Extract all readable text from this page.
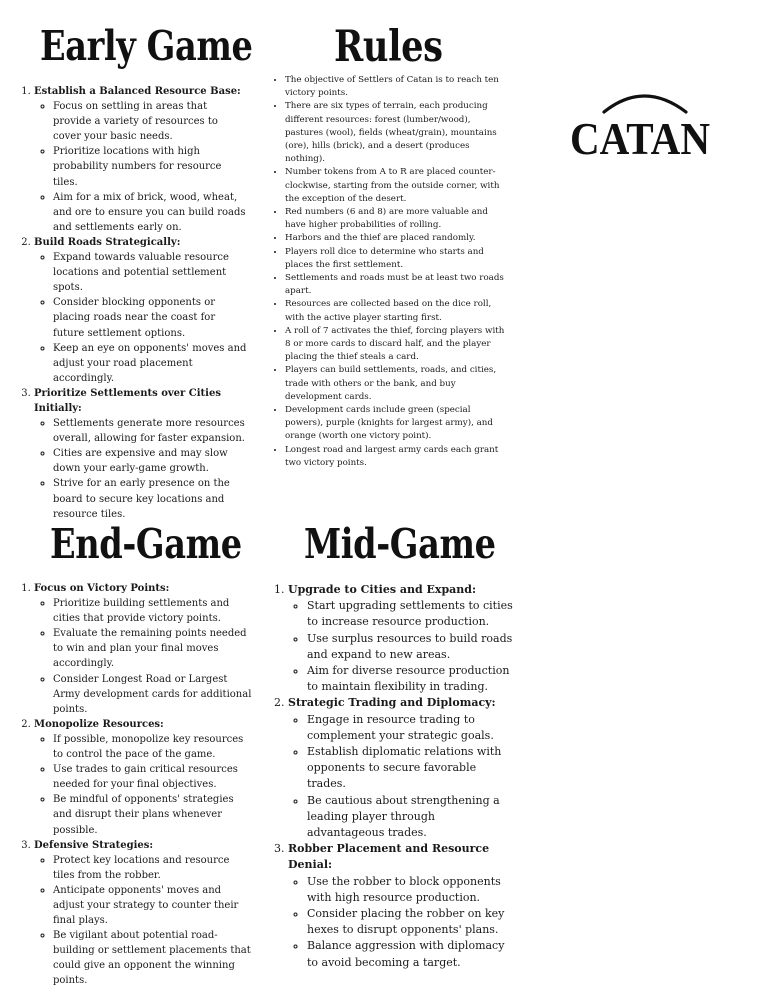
Early Game Rules
End-Game Mid-Game
1. Establish a Balanced Resource Base:
◦ Focus on settling in areas that provide a variety of resources to cover your basic needs.
◦ Prioritize locations with high probability numbers for resource tiles.
◦ Aim for a mix of brick, wood, wheat, and ore to ensure you can build roads and settlements early on.
2. Build Roads Strategically:
◦ Expand towards valuable resource locations and potential settlement spots.
◦ Consider blocking opponents or placing roads near the coast for future settlement options.
◦ Keep an eye on opponents' moves and adjust your road placement accordingly.
3. Prioritize Settlements over Cities Initially:
◦ Settlements generate more resources overall, allowing for faster expansion.
◦ Cities are expensive and may slow down your early-game growth.
◦ Strive for an early presence on the board to secure key locations and resource tiles.
• The objective of Settlers of Catan is to reach ten victory points.
• There are six types of terrain, each producing different resources: forest (lumber/wood), pastures (wool), fields (wheat/grain), mountains (ore), hills (brick), and a desert (produces nothing).
• Number tokens from A to R are placed counter-clockwise, starting from the outside corner, with the exception of the desert.
• Red numbers (6 and 8) are more valuable and have higher probabilities of rolling.
• Harbors and the thief are placed randomly.
• Players roll dice to determine who starts and places the first settlement.
• Settlements and roads must be at least two roads apart.
• Resources are collected based on the dice roll, with the active player starting first.
• A roll of 7 activates the thief, forcing players with 8 or more cards to discard half, and the player placing the thief steals a card.
• Players can build settlements, roads, and cities, trade with others or the bank, and buy development cards.
• Development cards include green (special powers), purple (knights for largest army), and orange (worth one victory point).
• Longest road and largest army cards each grant two victory points.
1. Focus on Victory Points:
◦ Prioritize building settlements and cities that provide victory points.
◦ Evaluate the remaining points needed to win and plan your final moves accordingly.
◦ Consider Longest Road or Largest Army development cards for additional points.
2. Monopolize Resources:
◦ If possible, monopolize key resources to control the pace of the game.
◦ Use trades to gain critical resources needed for your final objectives.
◦ Be mindful of opponents' strategies and disrupt their plans whenever possible.
3. Defensive Strategies:
◦ Protect key locations and resource tiles from the robber.
◦ Anticipate opponents' moves and adjust your strategy to counter their final plays.
◦ Be vigilant about potential road-building or settlement placements that could give an opponent the winning points.
1. Upgrade to Cities and Expand:
◦ Start upgrading settlements to cities to increase resource production.
◦ Use surplus resources to build roads and expand to new areas.
◦ Aim for diverse resource production to maintain flexibility in trading.
2. Strategic Trading and Diplomacy:
◦ Engage in resource trading to complement your strategic goals.
◦ Establish diplomatic relations with opponents to secure favorable trades.
◦ Be cautious about strengthening a leading player through advantageous trades.
3. Robber Placement and Resource Denial:
◦ Use the robber to block opponents with high resource production.
◦ Consider placing the robber on key hexes to disrupt opponents' plans.
◦ Balance aggression with diplomacy to avoid becoming a target.
CATAN
